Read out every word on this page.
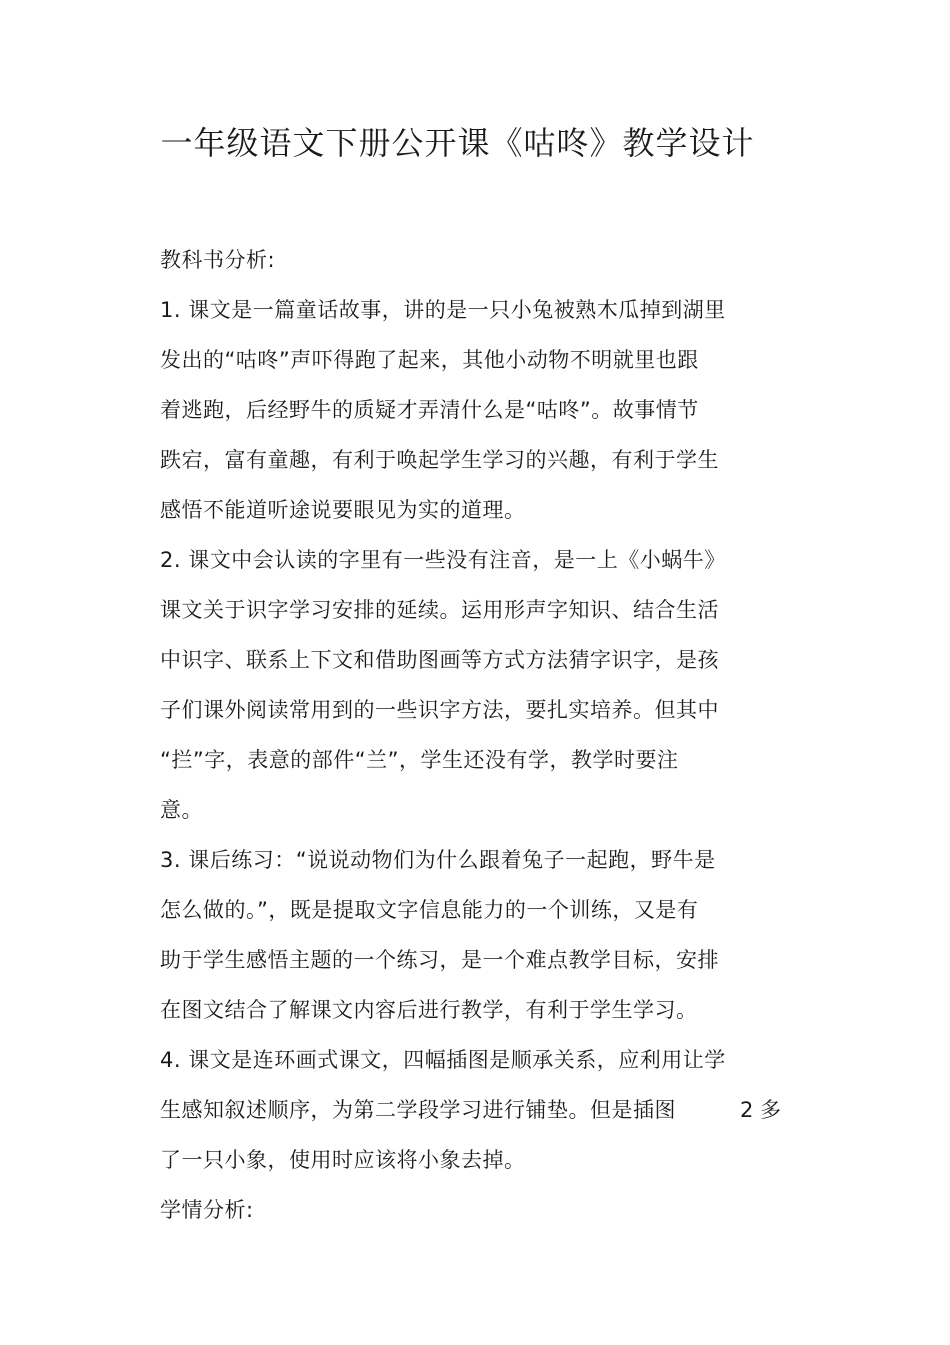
一年级语文下册公开课《咕咚》教学设计
教科书分析:
1. 课文是一篇童话故事，讲的是一只小兔被熟木瓜掉到湖里
发出的“咕咚”声吓得跑了起来，其他小动物不明就里也跟
着逃跑，后经野牛的质疑才弄清什么是“咕咚”。故事情节
跌宕，富有童趣，有利于唤起学生学习的兴趣，有利于学生
感悟不能道听途说要眼见为实的道理。
2. 课文中会认读的字里有一些没有注音，是一上《小蜗牛》
课文关于识字学习安排的延续。运用形声字知识、结合生活
中识字、联系上下文和借助图画等方式方法猜字识字，是孩
子们课外阅读常用到的一些识字方法，要扎实培养。但其中
“拦”字，表意的部件“兰”，学生还没有学，教学时要注
意。
3. 课后练习：“说说动物们为什么跟着兔子一起跑，野牛是
怎么做的。”，既是提取文字信息能力的一个训练，又是有
助于学生感悟主题的一个练习，是一个难点教学目标，安排
在图文结合了解课文内容后进行教学，有利于学生学习。
4. 课文是连环画式课文，四幅插图是顺承关系，应利用让学
生感知叙述顺序，为第二学段学习进行铺垫。但是插图	2 多
了一只小象，使用时应该将小象去掉。
学情分析:
